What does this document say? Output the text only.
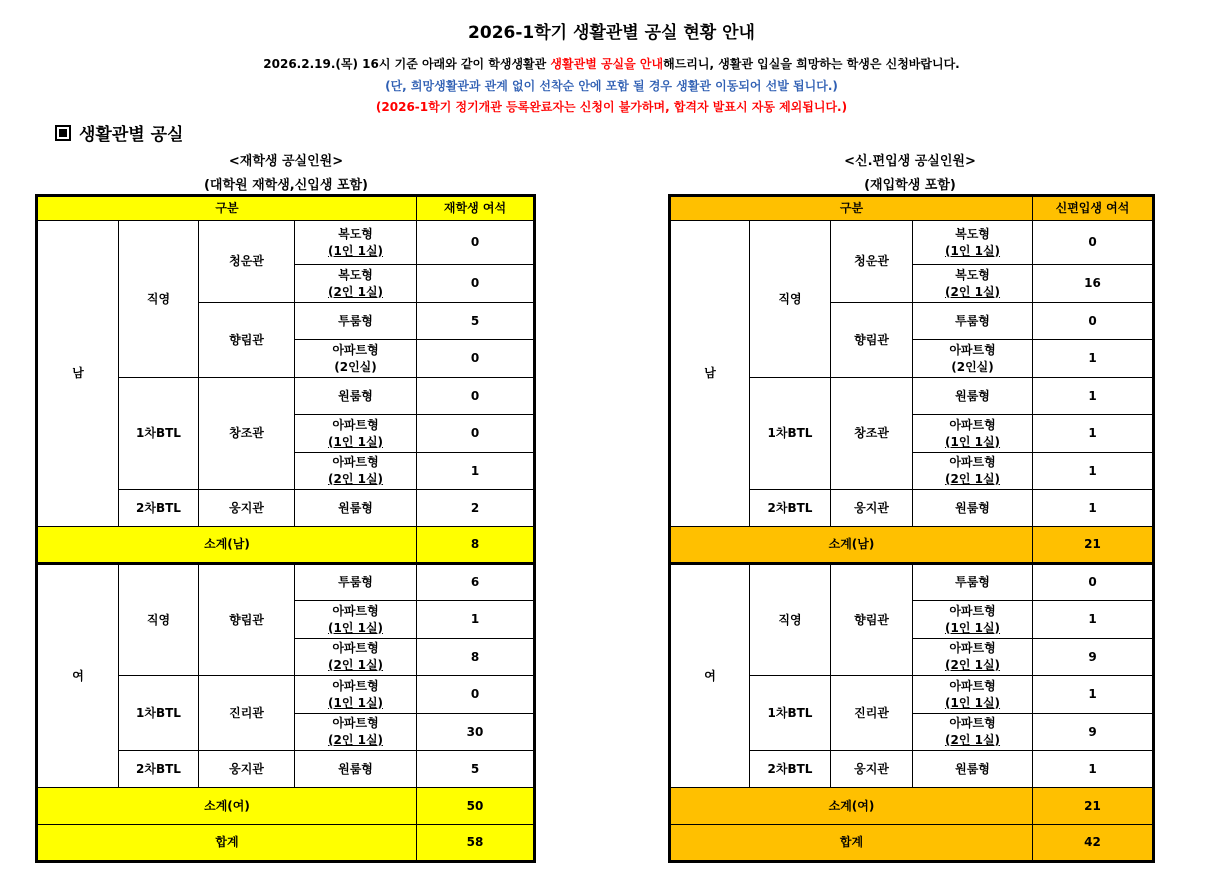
2026-1학기 생활관별 공실 현황 안내
2026.2.19.(목) 16시 기준 아래와 같이 학생생활관 생활관별 공실을 안내해드리니, 생활관 입실을 희망하는 학생은 신청바랍니다.
(단, 희망생활관과 관계 없이 선착순 안에 포함 될 경우 생활관 이동되어 선발 됩니다.)
(2026-1학기 정기개관 등록완료자는 신청이 불가하며, 합격자 발표시 자동 제외됩니다.)
생활관별 공실
<재학생 공실인원>
(대학원 재학생,신입생 포함)
<신.편입생 공실인원>
(재입학생 포함)
구분				재학생 여석
남	직영	청운관	복도형
(1인 1실)	0
			복도형
(2인 1실)	0
		향림관	투룸형	5
			아파트형
(2인실)	0
	1차BTL	창조관	원룸형	0
			아파트형
(1인 1실)	0
			아파트형
(2인 1실)	1
	2차BTL	웅지관	원룸형	2
소계(남)				8
여	직영	향림관	투룸형	6
			아파트형
(1인 1실)	1
			아파트형
(2인 1실)	8
	1차BTL	진리관	아파트형
(1인 1실)	0
			아파트형
(2인 1실)	30
	2차BTL	웅지관	원룸형	5
소계(여)				50
합계				58
구분				신편입생 여석
남	직영	청운관	복도형
(1인 1실)	0
			복도형
(2인 1실)	16
		향림관	투룸형	0
			아파트형
(2인실)	1
	1차BTL	창조관	원룸형	1
			아파트형
(1인 1실)	1
			아파트형
(2인 1실)	1
	2차BTL	웅지관	원룸형	1
소계(남)				21
여	직영	향림관	투룸형	0
			아파트형
(1인 1실)	1
			아파트형
(2인 1실)	9
	1차BTL	진리관	아파트형
(1인 1실)	1
			아파트형
(2인 1실)	9
	2차BTL	웅지관	원룸형	1
소계(여)				21
합계				42
